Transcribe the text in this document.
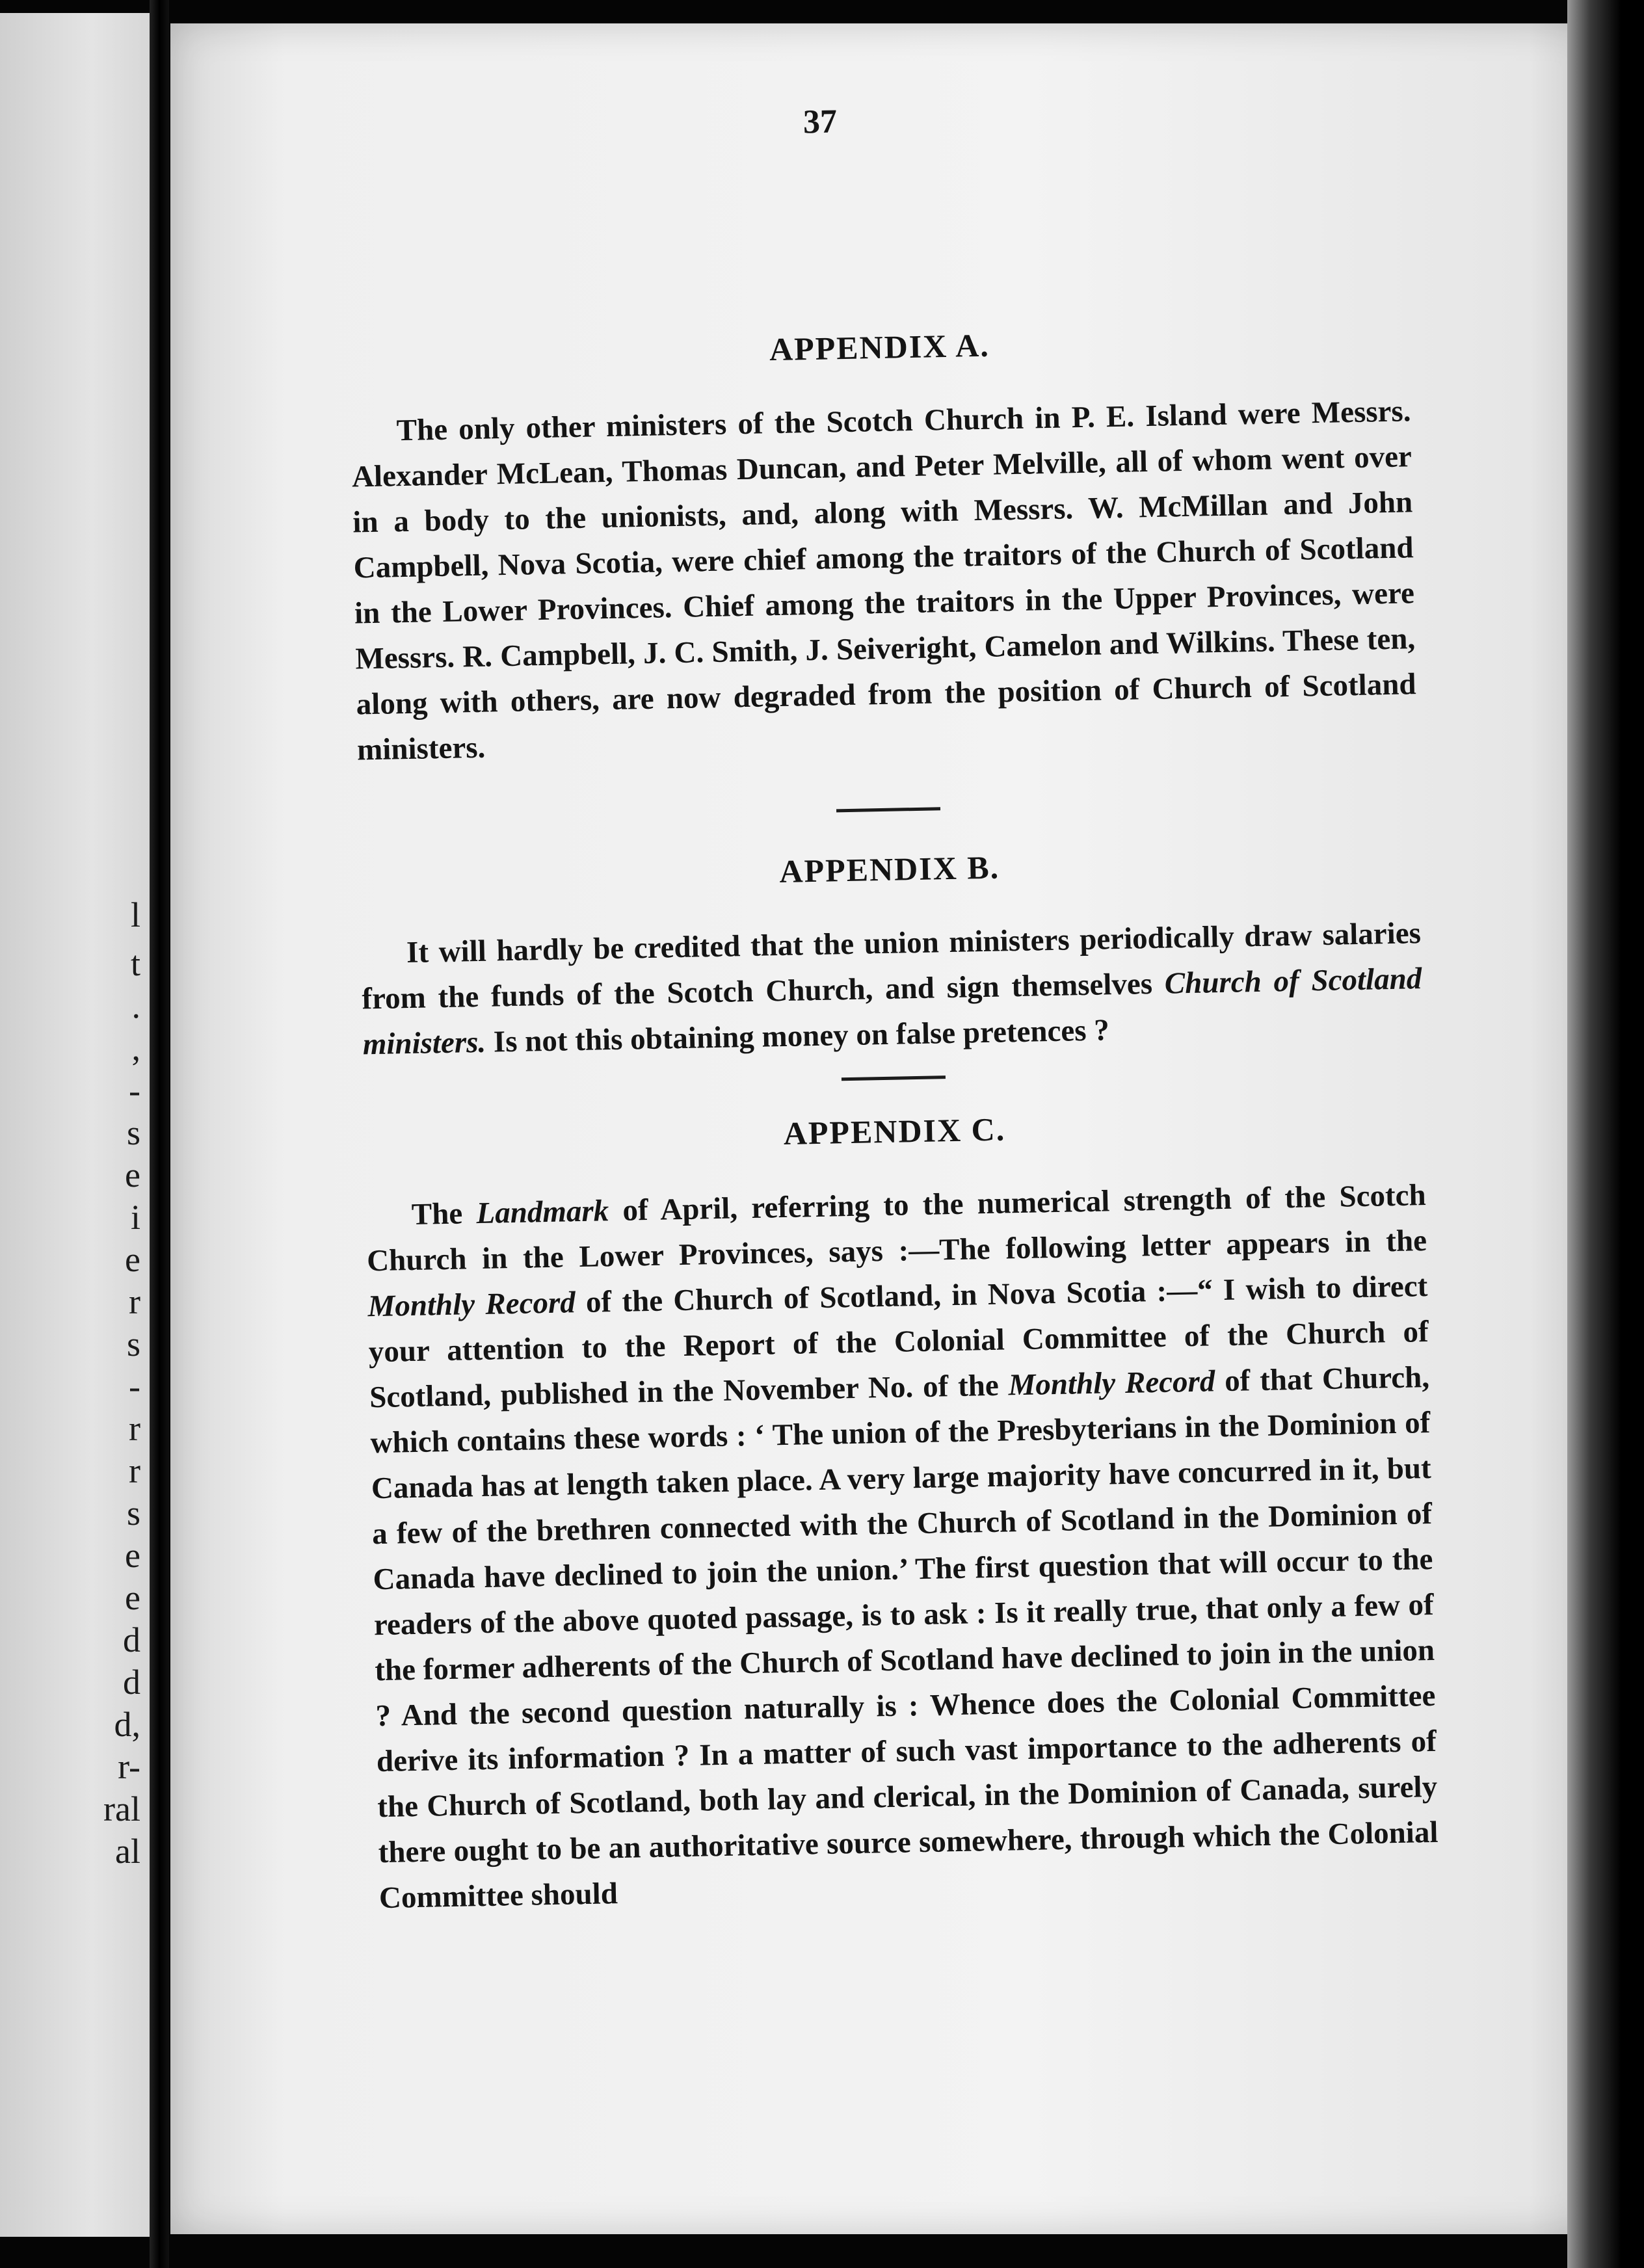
l
t
.
,
-
s
e
i
e
r
s
-
r
r
s
e
e
d
d
d,
r-
ral
al
37
APPENDIX A.

The only other ministers of the Scotch Church in P. E. Island were Messrs. Alexander McLean, Thomas Duncan, and Peter Melville, all of whom went over in a body to the unionists, and, along with Messrs. W. McMillan and John Campbell, Nova Scotia, were chief among the traitors of the Church of Scotland in the Lower Provinces. Chief among the traitors in the Upper Provinces, were Messrs. R. Campbell, J. C. Smith, J. Seiveright, Camelon and Wilkins. These ten, along with others, are now degraded from the position of Church of Scotland ministers.

APPENDIX B.

It will hardly be credited that the union ministers periodically draw salaries from the funds of the Scotch Church, and sign themselves Church of Scotland ministers. Is not this obtaining money on false pretences ?

APPENDIX C.

The Landmark of April, referring to the numerical strength of the Scotch Church in the Lower Provinces, says :—The following letter appears in the Monthly Record of the Church of Scotland, in Nova Scotia :—“ I wish to direct your attention to the Report of the Colonial Committee of the Church of Scotland, published in the November No. of the Monthly Record of that Church, which contains these words : ‘ The union of the Presbyterians in the Dominion of Canada has at length taken place. A very large majority have concurred in it, but a few of the brethren connected with the Church of Scotland in the Dominion of Canada have declined to join the union.’ The first question that will occur to the readers of the above quoted passage, is to ask : Is it really true, that only a few of the former adherents of the Church of Scotland have declined to join in the union ? And the second question naturally is : Whence does the Colonial Committee derive its information ? In a matter of such vast importance to the adherents of the Church of Scotland, both lay and clerical, in the Dominion of Canada, surely there ought to be an authoritative source somewhere, through which the Colonial Committee should
